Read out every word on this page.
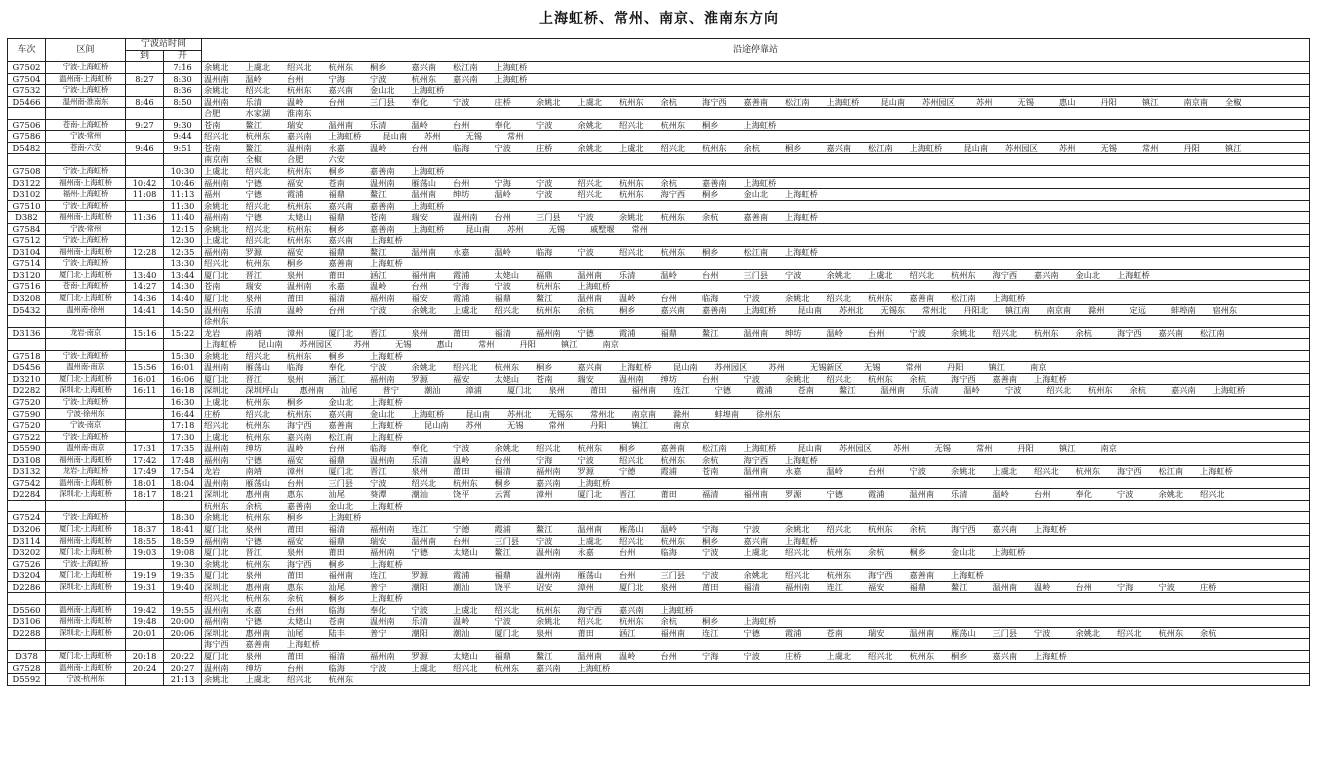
上海虹桥、常州、南京、淮南东方向
车次	区间	宁波站时间		沿途停靠站
		到	开	
G7502	宁波-上海虹桥		7:16	余姚北 上虞北 绍兴北 杭州东 桐乡 嘉兴南 松江南 上海虹桥
G7504	温州南-上海虹桥	8:27	8:30	温州南 温岭 台州 宁海 宁波 杭州东 嘉兴南 上海虹桥
G7532	宁波-上海虹桥		8:36	余姚北 绍兴北 杭州东 嘉兴南 金山北 上海虹桥
D5466	温州南-淮南东	8:46	8:50	温州南 乐清 温岭 台州 三门县 奉化 宁波 庄桥 余姚北 上虞北 杭州东 余杭 海宁西 嘉善南 松江南 上海虹桥 昆山南 苏州园区 苏州 无锡 惠山 丹阳 镇江 南京南 全椒
				合肥 水家湖 淮南东
G7506	苍南-上海虹桥	9:27	9:30	苍南 鳌江 瑞安 温州南 乐清 温岭 台州 奉化 宁波 余姚北 绍兴北 杭州东 桐乡 上海虹桥
G7586	宁波-常州		9:44	绍兴北 杭州东 嘉兴南 上海虹桥 昆山南 苏州 无锡 常州
D5482	苍南-六安	9:46	9:51	苍南 鳌江 温州南 永嘉 温岭 台州 临海 宁波 庄桥 余姚北 上虞北 绍兴北 杭州东 余杭 桐乡 嘉兴南 松江南 上海虹桥 昆山南 苏州园区 苏州 无锡 常州 丹阳 镇江
				南京南 全椒 合肥 六安
G7508	宁波-上海虹桥		10:30	上虞北 绍兴北 杭州东 桐乡 嘉善南 上海虹桥
D3122	福州南-上海虹桥	10:42	10:46	福州南 宁德 福安 苍南 温州南 雁荡山 台州 宁海 宁波 绍兴北 杭州东 余杭 嘉善南 上海虹桥
D3102	福州-上海虹桥	11:08	11:13	福州 宁德 霞浦 福鼎 鳌江 温州南 绅坊 温岭 宁波 绍兴北 杭州东 海宁西 桐乡 金山北 上海虹桥
G7510	宁波-上海虹桥		11:30	余姚北 绍兴北 杭州东 嘉兴南 嘉善南 上海虹桥
D382	福州南-上海虹桥	11:36	11:40	福州南 宁德 太姥山 福鼎 苍南 瑞安 温州南 台州 三门县 宁波 余姚北 杭州东 余杭 嘉善南 上海虹桥
G7584	宁波-常州		12:15	余姚北 绍兴北 杭州东 桐乡 嘉善南 上海虹桥 昆山南 苏州 无锡 戚墅堰 常州
G7512	宁波-上海虹桥		12:30	上虞北 绍兴北 杭州东 嘉兴南 上海虹桥
D3104	福州南-上海虹桥	12:28	12:35	福州南 罗源 福安 福鼎 鳌江 温州南 永嘉 温岭 临海 宁波 绍兴北 杭州东 桐乡 松江南 上海虹桥
G7514	宁波-上海虹桥		13:30	绍兴北 杭州东 桐乡 嘉善南 上海虹桥
D3120	厦门北-上海虹桥	13:40	13:44	厦门北 晋江 泉州 莆田 涵江 福州南 霞浦 太姥山 福鼎 温州南 乐清 温岭 台州 三门县 宁波 余姚北 上虞北 绍兴北 杭州东 海宁西 嘉兴南 金山北 上海虹桥
G7516	苍南-上海虹桥	14:27	14:30	苍南 瑞安 温州南 永嘉 温岭 台州 宁海 宁波 杭州东 上海虹桥
D3208	厦门北-上海虹桥	14:36	14:40	厦门北 泉州 莆田 福清 福州南 福安 霞浦 福鼎 鳌江 温州南 温岭 台州 临海 宁波 余姚北 绍兴北 杭州东 嘉善南 松江南 上海虹桥
D5432	温州南-徐州	14:41	14:50	温州南 乐清 温岭 台州 宁波 余姚北 上虞北 绍兴北 杭州东 余杭 桐乡 嘉兴南 嘉善南 上海虹桥 昆山南 苏州北 无锡东 常州北 丹阳北 镇江南 南京南 滁州 定远 蚌埠南 宿州东
				徐州东
D3136	龙岩-南京	15:16	15:22	龙岩 南靖 漳州 厦门北 晋江 泉州 莆田 福清 福州南 宁德 霞浦 福鼎 鳌江 温州南 绅坊 温岭 台州 宁波 余姚北 绍兴北 杭州东 余杭 海宁西 嘉兴南 松江南
				上海虹桥 昆山南 苏州园区 苏州 无锡 惠山 常州 丹阳 镇江 南京
G7518	宁波-上海虹桥		15:30	余姚北 绍兴北 杭州东 桐乡 上海虹桥
D5456	温州南-南京	15:56	16:01	温州南 雁荡山 临海 奉化 宁波 余姚北 绍兴北 杭州东 桐乡 嘉兴南 上海虹桥 昆山南 苏州园区 苏州 无锡新区 无锡 常州 丹阳 镇江 南京
D3210	厦门北-上海虹桥	16:01	16:06	厦门北 晋江 泉州 涵江 福州南 罗源 福安 太姥山 苍南 瑞安 温州南 绅坊 台州 宁波 余姚北 绍兴北 杭州东 余杭 海宁西 嘉善南 上海虹桥
D2282	深圳北-上海虹桥	16:11	16:18	深圳北 深圳坪山 惠州南 汕尾 普宁 潮汕 漳浦 厦门北 泉州 莆田 福州南 连江 宁德 霞浦 苍南 鳌江 温州南 乐清 温岭 宁波 绍兴北 杭州东 余杭 嘉兴南 上海虹桥
G7520	宁波-上海虹桥		16:30	上虞北 杭州东 桐乡 金山北 上海虹桥
G7590	宁波-徐州东		16:44	庄桥 绍兴北 杭州东 嘉兴南 金山北 上海虹桥 昆山南 苏州北 无锡东 常州北 南京南 滁州 蚌埠南 徐州东
G7520	宁波-南京		17:18	绍兴北 杭州东 海宁西 嘉善南 上海虹桥 昆山南 苏州 无锡 常州 丹阳 镇江 南京
G7522	宁波-上海虹桥		17:30	上虞北 杭州东 嘉兴南 松江南 上海虹桥
D5590	温州南-南京	17:31	17:35	温州南 绅坊 温岭 台州 临海 奉化 宁波 余姚北 绍兴北 杭州东 桐乡 嘉善南 松江南 上海虹桥 昆山南 苏州园区 苏州 无锡 常州 丹阳 镇江 南京
D3108	福州南-上海虹桥	17:42	17:48	福州南 宁德 福安 福鼎 温州南 乐清 温岭 台州 宁海 宁波 绍兴北 杭州东 余杭 海宁西 上海虹桥
D3132	龙岩-上海虹桥	17:49	17:54	龙岩 南靖 漳州 厦门北 晋江 泉州 莆田 福清 福州南 罗源 宁德 霞浦 苍南 温州南 永嘉 温岭 台州 宁波 余姚北 上虞北 绍兴北 杭州东 海宁西 松江南 上海虹桥
G7542	温州南-上海虹桥	18:01	18:04	温州南 雁荡山 台州 三门县 宁波 绍兴北 杭州东 桐乡 嘉兴南 上海虹桥
D2284	深圳北-上海虹桥	18:17	18:21	深圳北 惠州南 惠东 汕尾 葵潭 潮汕 饶平 云霄 漳州 厦门北 晋江 莆田 福清 福州南 罗源 宁德 霞浦 温州南 乐清 温岭 台州 奉化 宁波 余姚北 绍兴北
				杭州东 余杭 嘉善南 金山北 上海虹桥
G7524	宁波-上海虹桥		18:30	余姚北 杭州东 桐乡 上海虹桥
D3206	厦门北-上海虹桥	18:37	18:41	厦门北 泉州 莆田 福清 福州南 连江 宁德 霞浦 鳌江 温州南 雁荡山 温岭 宁海 宁波 余姚北 绍兴北 杭州东 余杭 海宁西 嘉兴南 上海虹桥
D3114	福州南-上海虹桥	18:55	18:59	福州南 宁德 福安 福鼎 瑞安 温州南 台州 三门县 宁波 上虞北 绍兴北 杭州东 桐乡 嘉兴南 上海虹桥
D3202	厦门北-上海虹桥	19:03	19:08	厦门北 晋江 泉州 莆田 福州南 宁德 太姥山 鳌江 温州南 永嘉 台州 临海 宁波 上虞北 绍兴北 杭州东 余杭 桐乡 金山北 上海虹桥
G7526	宁波-上海虹桥		19:30	余姚北 杭州东 海宁西 桐乡 上海虹桥
D3204	厦门北-上海虹桥	19:19	19:35	厦门北 泉州 莆田 福州南 连江 罗源 霞浦 福鼎 温州南 雁荡山 台州 三门县 宁波 余姚北 绍兴北 杭州东 海宁西 嘉善南 上海虹桥
D2286	深圳北-上海虹桥	19:31	19:40	深圳北 惠州南 惠东 汕尾 普宁 潮阳 潮汕 饶平 诏安 漳州 厦门北 泉州 莆田 福清 福州南 连江 福安 福鼎 鳌江 温州南 温岭 台州 宁海 宁波 庄桥
				绍兴北 杭州东 余杭 桐乡 上海虹桥
D5560	温州南-上海虹桥	19:42	19:55	温州南 永嘉 台州 临海 奉化 宁波 上虞北 绍兴北 杭州东 海宁西 嘉兴南 上海虹桥
D3106	福州南-上海虹桥	19:48	20:00	福州南 宁德 太姥山 苍南 温州南 乐清 温岭 宁波 余姚北 绍兴北 杭州东 余杭 桐乡 上海虹桥
D2288	深圳北-上海虹桥	20:01	20:06	深圳北 惠州南 汕尾 陆丰 普宁 潮阳 潮汕 厦门北 泉州 莆田 涵江 福州南 连江 宁德 霞浦 苍南 瑞安 温州南 雁荡山 三门县 宁波 余姚北 绍兴北 杭州东 余杭
				海宁西 嘉善南 上海虹桥
D378	厦门北-上海虹桥	20:18	20:22	厦门北 泉州 莆田 福清 福州南 罗源 太姥山 福鼎 鳌江 温州南 温岭 台州 宁海 宁波 庄桥 上虞北 绍兴北 杭州东 桐乡 嘉兴南 上海虹桥
G7528	温州南-上海虹桥	20:24	20:27	温州南 绅坊 台州 临海 宁波 上虞北 绍兴北 杭州东 嘉兴南 上海虹桥
D5592	宁波-杭州东		21:13	余姚北 上虞北 绍兴北 杭州东
